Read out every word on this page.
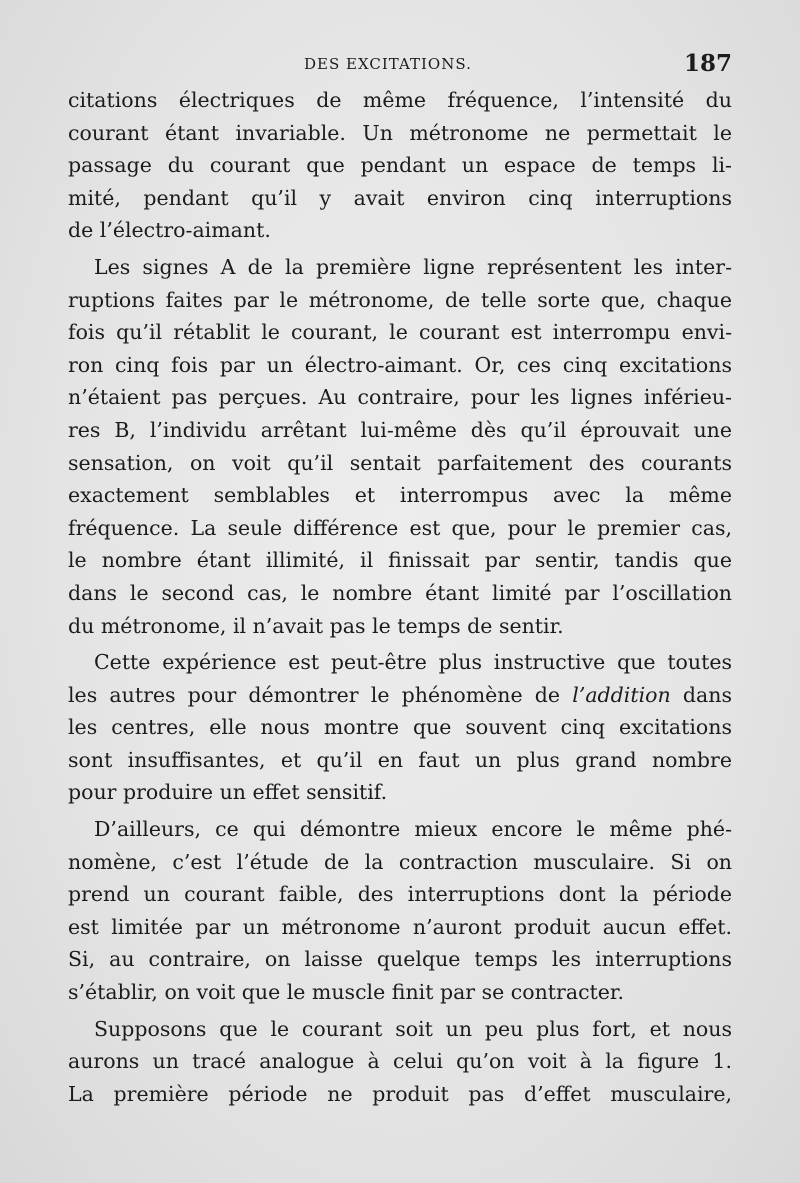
DES EXCITATIONS.	187
citations électriques de même fréquence, l’intensité du
courant étant invariable. Un métronome ne permettait le
passage du courant que pendant un espace de temps li-
mité, pendant qu’il y avait environ cinq interruptions
de l’électro-aimant.
Les signes A de la première ligne représentent les inter-
ruptions faites par le métronome, de telle sorte que, chaque
fois qu’il rétablit le courant, le courant est interrompu envi-
ron cinq fois par un électro-aimant. Or, ces cinq excitations
n’étaient pas perçues. Au contraire, pour les lignes inférieu-
res B, l’individu arrêtant lui-même dès qu’il éprouvait une
sensation, on voit qu’il sentait parfaitement des courants
exactement semblables et interrompus avec la même
fréquence. La seule différence est que, pour le premier cas,
le nombre étant illimité, il finissait par sentir, tandis que
dans le second cas, le nombre étant limité par l’oscillation
du métronome, il n’avait pas le temps de sentir.
Cette expérience est peut-être plus instructive que toutes
les autres pour démontrer le phénomène de l’addition dans
les centres, elle nous montre que souvent cinq excitations
sont insuffisantes, et qu’il en faut un plus grand nombre
pour produire un effet sensitif.
D’ailleurs, ce qui démontre mieux encore le même phé-
nomène, c’est l’étude de la contraction musculaire. Si on
prend un courant faible, des interruptions dont la période
est limitée par un métronome n’auront produit aucun effet.
Si, au contraire, on laisse quelque temps les interruptions
s’établir, on voit que le muscle finit par se contracter.
Supposons que le courant soit un peu plus fort, et nous
aurons un tracé analogue à celui qu’on voit à la figure 1.
La première période ne produit pas d’effet musculaire,
